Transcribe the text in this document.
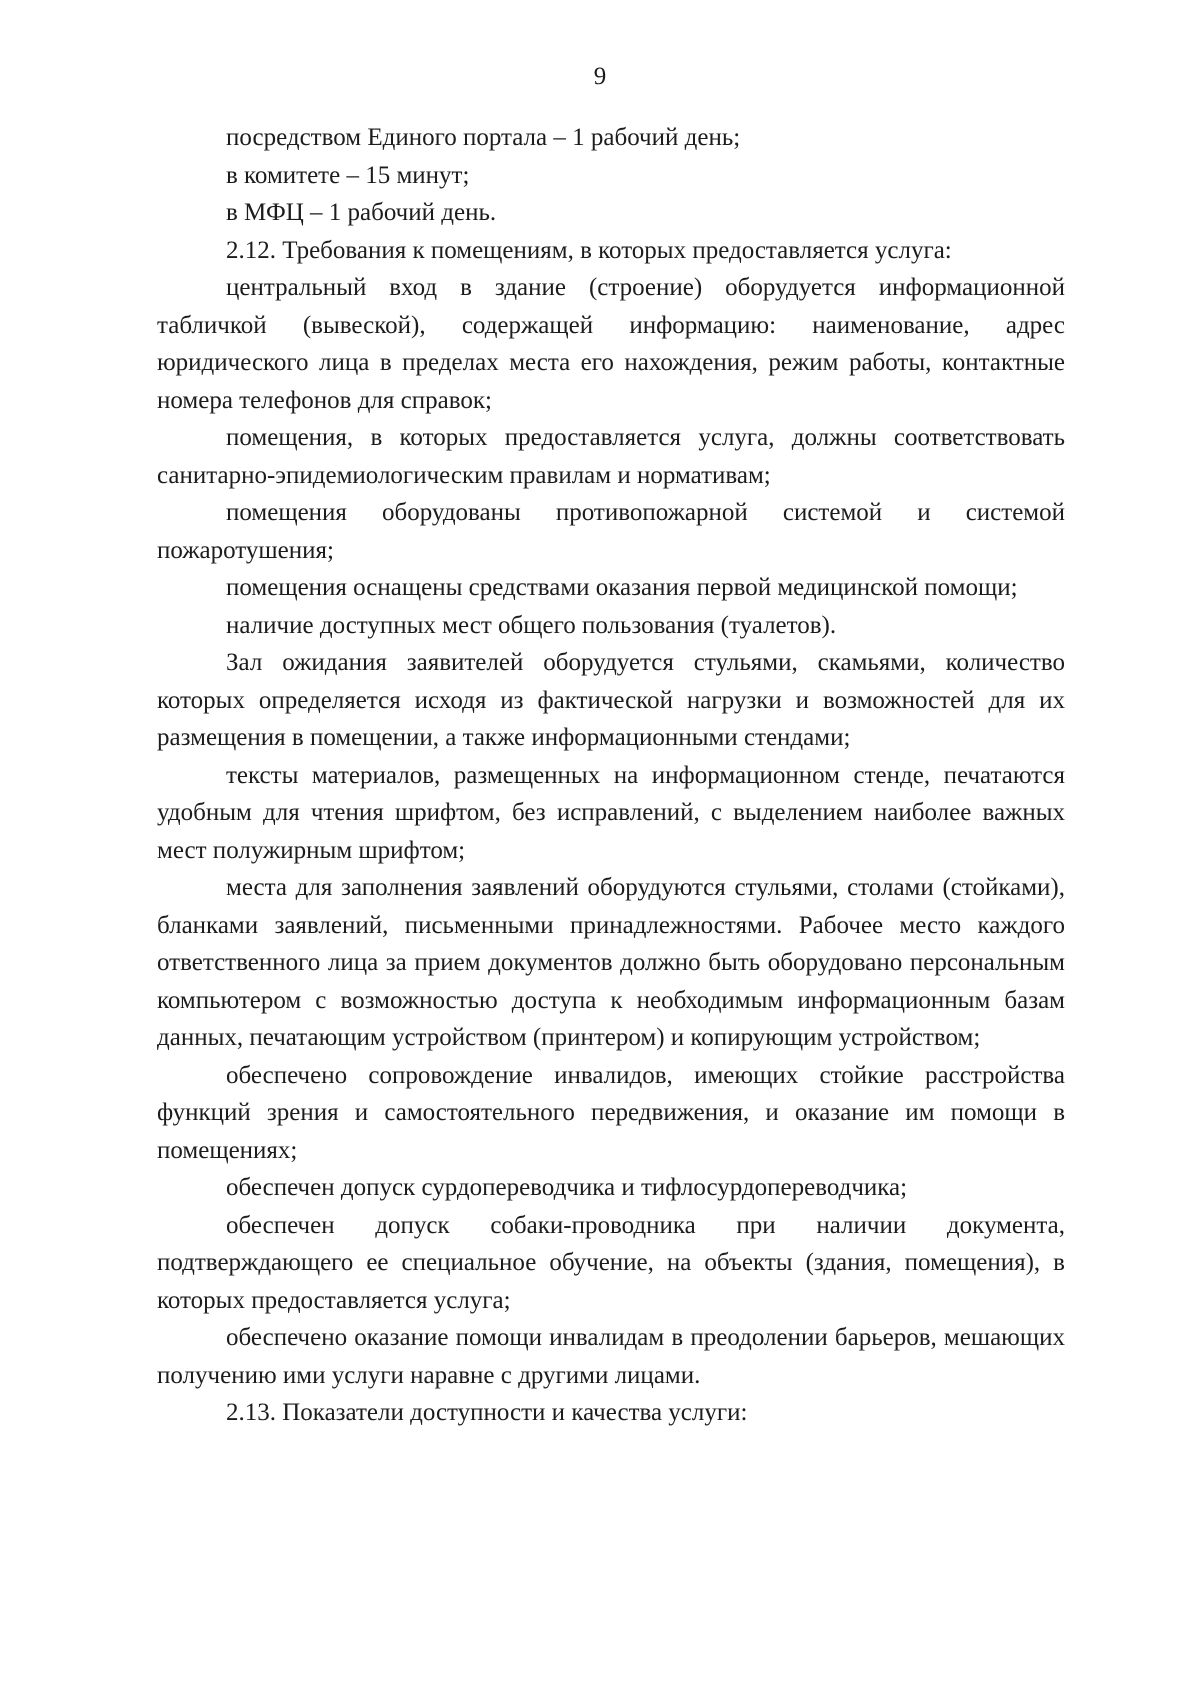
9

посредством Единого портала – 1 рабочий день;

в комитете – 15 минут;

в МФЦ – 1 рабочий день.

2.12. Требования к помещениям, в которых предоставляется услуга:

центральный вход в здание (строение) оборудуется информационной табличкой (вывеской), содержащей информацию: наименование, адрес юридического лица в пределах места его нахождения, режим работы, контактные номера телефонов для справок;

помещения, в которых предоставляется услуга, должны соответствовать санитарно-эпидемиологическим правилам и нормативам;

помещения оборудованы противопожарной системой и системой пожаротушения;

помещения оснащены средствами оказания первой медицинской помощи;

наличие доступных мест общего пользования (туалетов).

Зал ожидания заявителей оборудуется стульями, скамьями, количество которых определяется исходя из фактической нагрузки и возможностей для их размещения в помещении, а также информационными стендами;

тексты материалов, размещенных на информационном стенде, печатаются удобным для чтения шрифтом, без исправлений, с выделением наиболее важных мест полужирным шрифтом;

места для заполнения заявлений оборудуются стульями, столами (стойками), бланками заявлений, письменными принадлежностями. Рабочее место каждого ответственного лица за прием документов должно быть оборудовано персональным компьютером с возможностью доступа к необходимым информационным базам данных, печатающим устройством (принтером) и копирующим устройством;

обеспечено сопровождение инвалидов, имеющих стойкие расстройства функций зрения и самостоятельного передвижения, и оказание им помощи в помещениях;

обеспечен допуск сурдопереводчика и тифлосурдопереводчика;

обеспечен допуск собаки-проводника при наличии документа, подтверждающего ее специальное обучение, на объекты (здания, помещения), в которых предоставляется услуга;

обеспечено оказание помощи инвалидам в преодолении барьеров, мешающих получению ими услуги наравне с другими лицами.

2.13. Показатели доступности и качества услуги:
